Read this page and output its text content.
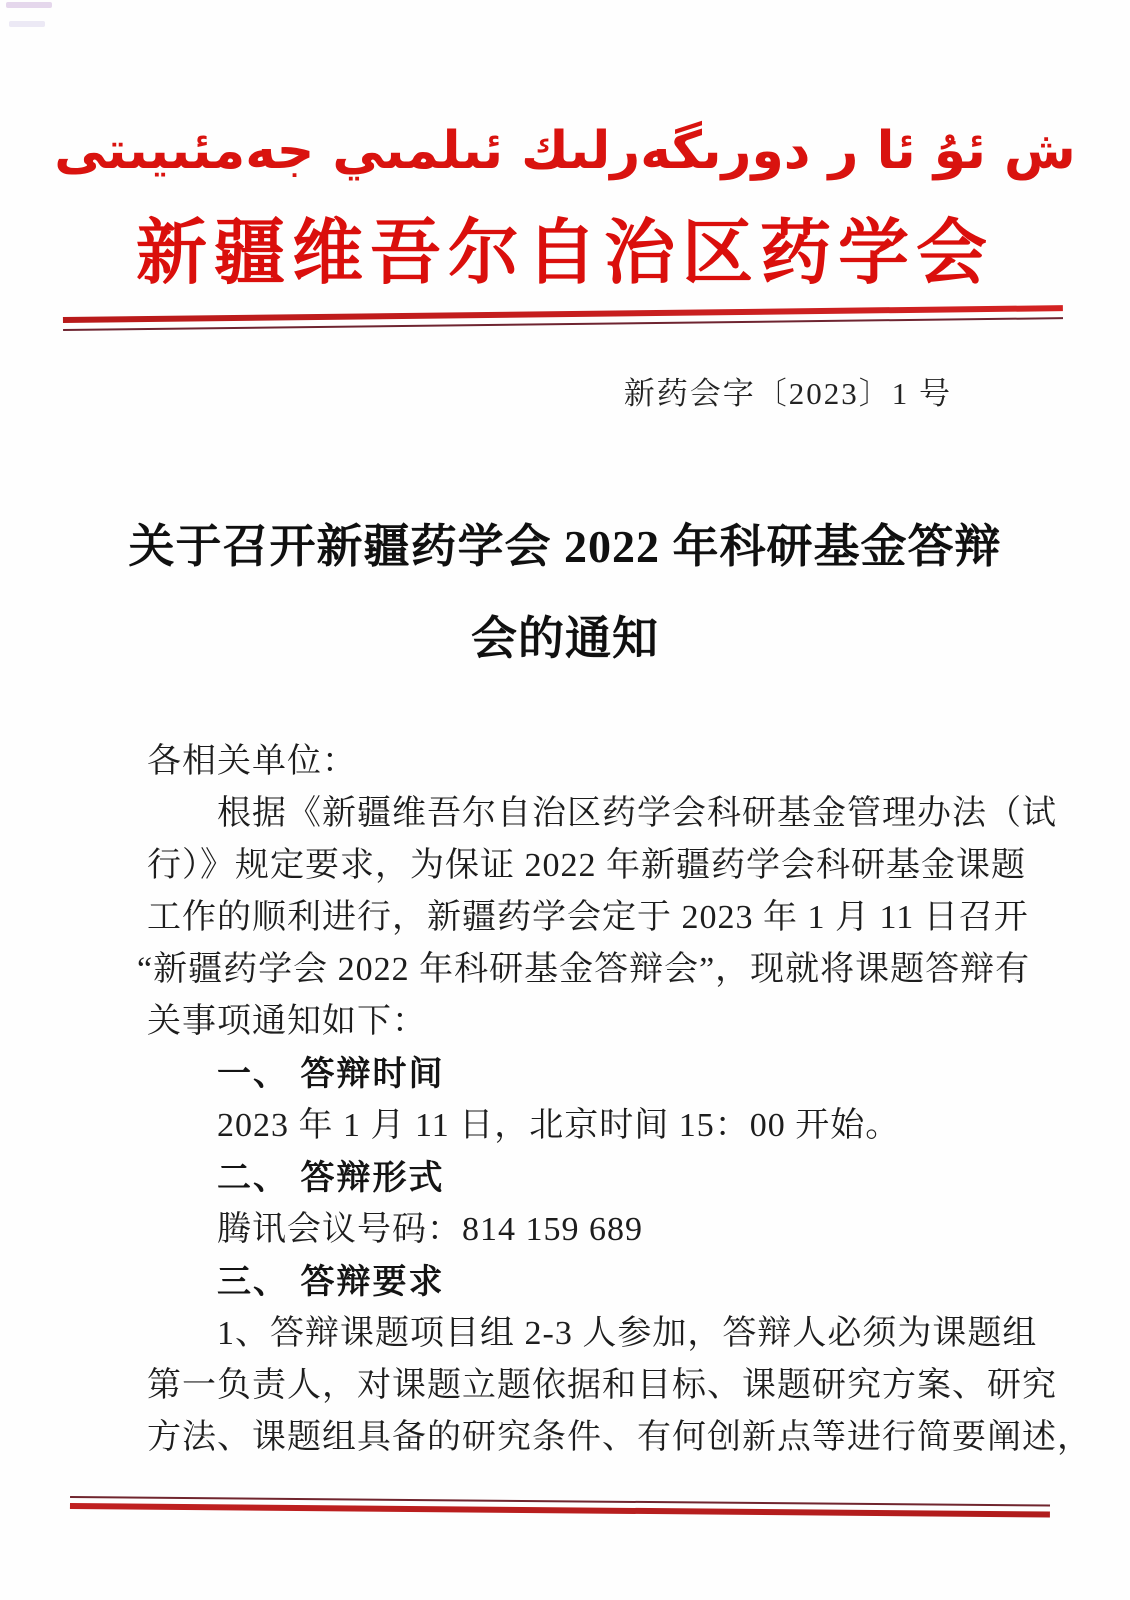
ش ئۇ ئا ر دورىگەرلىك ئىلمىي جەمئىيىتى
新疆维吾尔自治区药学会
新药会字〔2023〕1 号
关于召开新疆药学会 2022 年科研基金答辩
会的通知
各相关单位：
根据《新疆维吾尔自治区药学会科研基金管理办法（试
行）》规定要求，为保证 2022 年新疆药学会科研基金课题
工作的顺利进行，新疆药学会定于 2023 年 1 月 11 日召开
“新疆药学会 2022 年科研基金答辩会”，现就将课题答辩有
关事项通知如下：
一、 答辩时间
2023 年 1 月 11 日，北京时间 15：00 开始。
二、 答辩形式
腾讯会议号码：814 159 689
三、 答辩要求
1、答辩课题项目组 2-3 人参加，答辩人必须为课题组
第一负责人，对课题立题依据和目标、课题研究方案、研究
方法、课题组具备的研究条件、有何创新点等进行简要阐述，
